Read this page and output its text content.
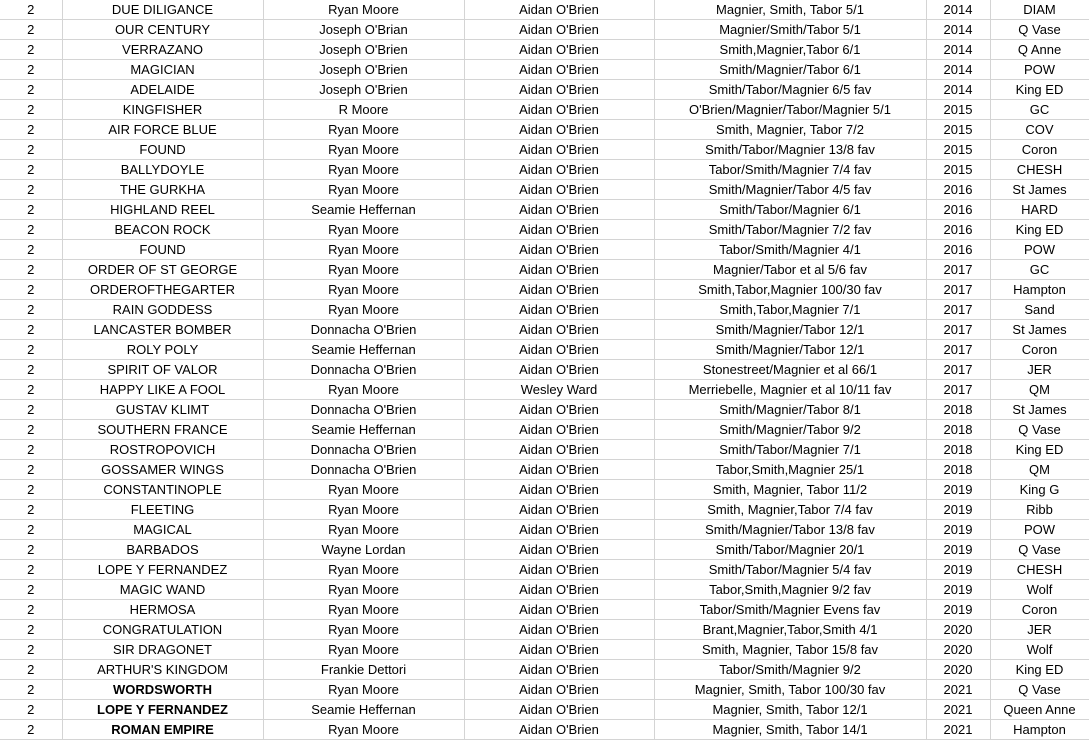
2	DUE DILIGANCE	Ryan Moore	Aidan O'Brien	Magnier, Smith, Tabor 5/1	2014	DIAM
2	OUR CENTURY	Joseph O'Brian	Aidan O'Brien	Magnier/Smith/Tabor 5/1	2014	Q Vase
2	VERRAZANO	Joseph O'Brien	Aidan O'Brien	Smith,Magnier,Tabor 6/1	2014	Q Anne
2	MAGICIAN	Joseph O'Brien	Aidan O'Brien	Smith/Magnier/Tabor 6/1	2014	POW
2	ADELAIDE	Joseph O'Brien	Aidan O'Brien	Smith/Tabor/Magnier 6/5 fav	2014	King ED
2	KINGFISHER	R Moore	Aidan O'Brien	O'Brien/Magnier/Tabor/Magnier 5/1	2015	GC
2	AIR FORCE BLUE	Ryan Moore	Aidan O'Brien	Smith, Magnier, Tabor 7/2	2015	COV
2	FOUND	Ryan Moore	Aidan O'Brien	Smith/Tabor/Magnier 13/8 fav	2015	Coron
2	BALLYDOYLE	Ryan Moore	Aidan O'Brien	Tabor/Smith/Magnier 7/4 fav	2015	CHESH
2	THE GURKHA	Ryan Moore	Aidan O'Brien	Smith/Magnier/Tabor 4/5 fav	2016	St James
2	HIGHLAND REEL	Seamie Heffernan	Aidan O'Brien	Smith/Tabor/Magnier 6/1	2016	HARD
2	BEACON ROCK	Ryan Moore	Aidan O'Brien	Smith/Tabor/Magnier 7/2 fav	2016	King ED
2	FOUND	Ryan Moore	Aidan O'Brien	Tabor/Smith/Magnier 4/1	2016	POW
2	ORDER OF ST GEORGE	Ryan Moore	Aidan O'Brien	Magnier/Tabor et al 5/6 fav	2017	GC
2	ORDEROFTHEGARTER	Ryan Moore	Aidan O'Brien	Smith,Tabor,Magnier 100/30 fav	2017	Hampton
2	RAIN GODDESS	Ryan Moore	Aidan O'Brien	Smith,Tabor,Magnier 7/1	2017	Sand
2	LANCASTER BOMBER	Donnacha O'Brien	Aidan O'Brien	Smith/Magnier/Tabor 12/1	2017	St James
2	ROLY POLY	Seamie Heffernan	Aidan O'Brien	Smith/Magnier/Tabor 12/1	2017	Coron
2	SPIRIT OF VALOR	Donnacha O'Brien	Aidan O'Brien	Stonestreet/Magnier et al 66/1	2017	JER
2	HAPPY LIKE A FOOL	Ryan Moore	Wesley Ward	Merriebelle, Magnier et al 10/11 fav	2017	QM
2	GUSTAV KLIMT	Donnacha O'Brien	Aidan O'Brien	Smith/Magnier/Tabor 8/1	2018	St James
2	SOUTHERN FRANCE	Seamie Heffernan	Aidan O'Brien	Smith/Magnier/Tabor 9/2	2018	Q Vase
2	ROSTROPOVICH	Donnacha O'Brien	Aidan O'Brien	Smith/Tabor/Magnier 7/1	2018	King ED
2	GOSSAMER WINGS	Donnacha O'Brien	Aidan O'Brien	Tabor,Smith,Magnier 25/1	2018	QM
2	CONSTANTINOPLE	Ryan Moore	Aidan O'Brien	Smith, Magnier, Tabor 11/2	2019	King G
2	FLEETING	Ryan Moore	Aidan O'Brien	Smith, Magnier,Tabor 7/4 fav	2019	Ribb
2	MAGICAL	Ryan Moore	Aidan O'Brien	Smith/Magnier/Tabor 13/8 fav	2019	POW
2	BARBADOS	Wayne Lordan	Aidan O'Brien	Smith/Tabor/Magnier 20/1	2019	Q Vase
2	LOPE Y FERNANDEZ	Ryan Moore	Aidan O'Brien	Smith/Tabor/Magnier 5/4 fav	2019	CHESH
2	MAGIC WAND	Ryan Moore	Aidan O'Brien	Tabor,Smith,Magnier 9/2 fav	2019	Wolf
2	HERMOSA	Ryan Moore	Aidan O'Brien	Tabor/Smith/Magnier Evens fav	2019	Coron
2	CONGRATULATION	Ryan Moore	Aidan O'Brien	Brant,Magnier,Tabor,Smith 4/1	2020	JER
2	SIR DRAGONET	Ryan Moore	Aidan O'Brien	Smith, Magnier, Tabor 15/8 fav	2020	Wolf
2	ARTHUR'S KINGDOM	Frankie Dettori	Aidan O'Brien	Tabor/Smith/Magnier 9/2	2020	King ED
2	WORDSWORTH	Ryan Moore	Aidan O'Brien	Magnier, Smith, Tabor 100/30 fav	2021	Q Vase
2	LOPE Y FERNANDEZ	Seamie Heffernan	Aidan O'Brien	Magnier, Smith, Tabor 12/1	2021	Queen Anne
2	ROMAN EMPIRE	Ryan Moore	Aidan O'Brien	Magnier, Smith, Tabor 14/1	2021	Hampton
